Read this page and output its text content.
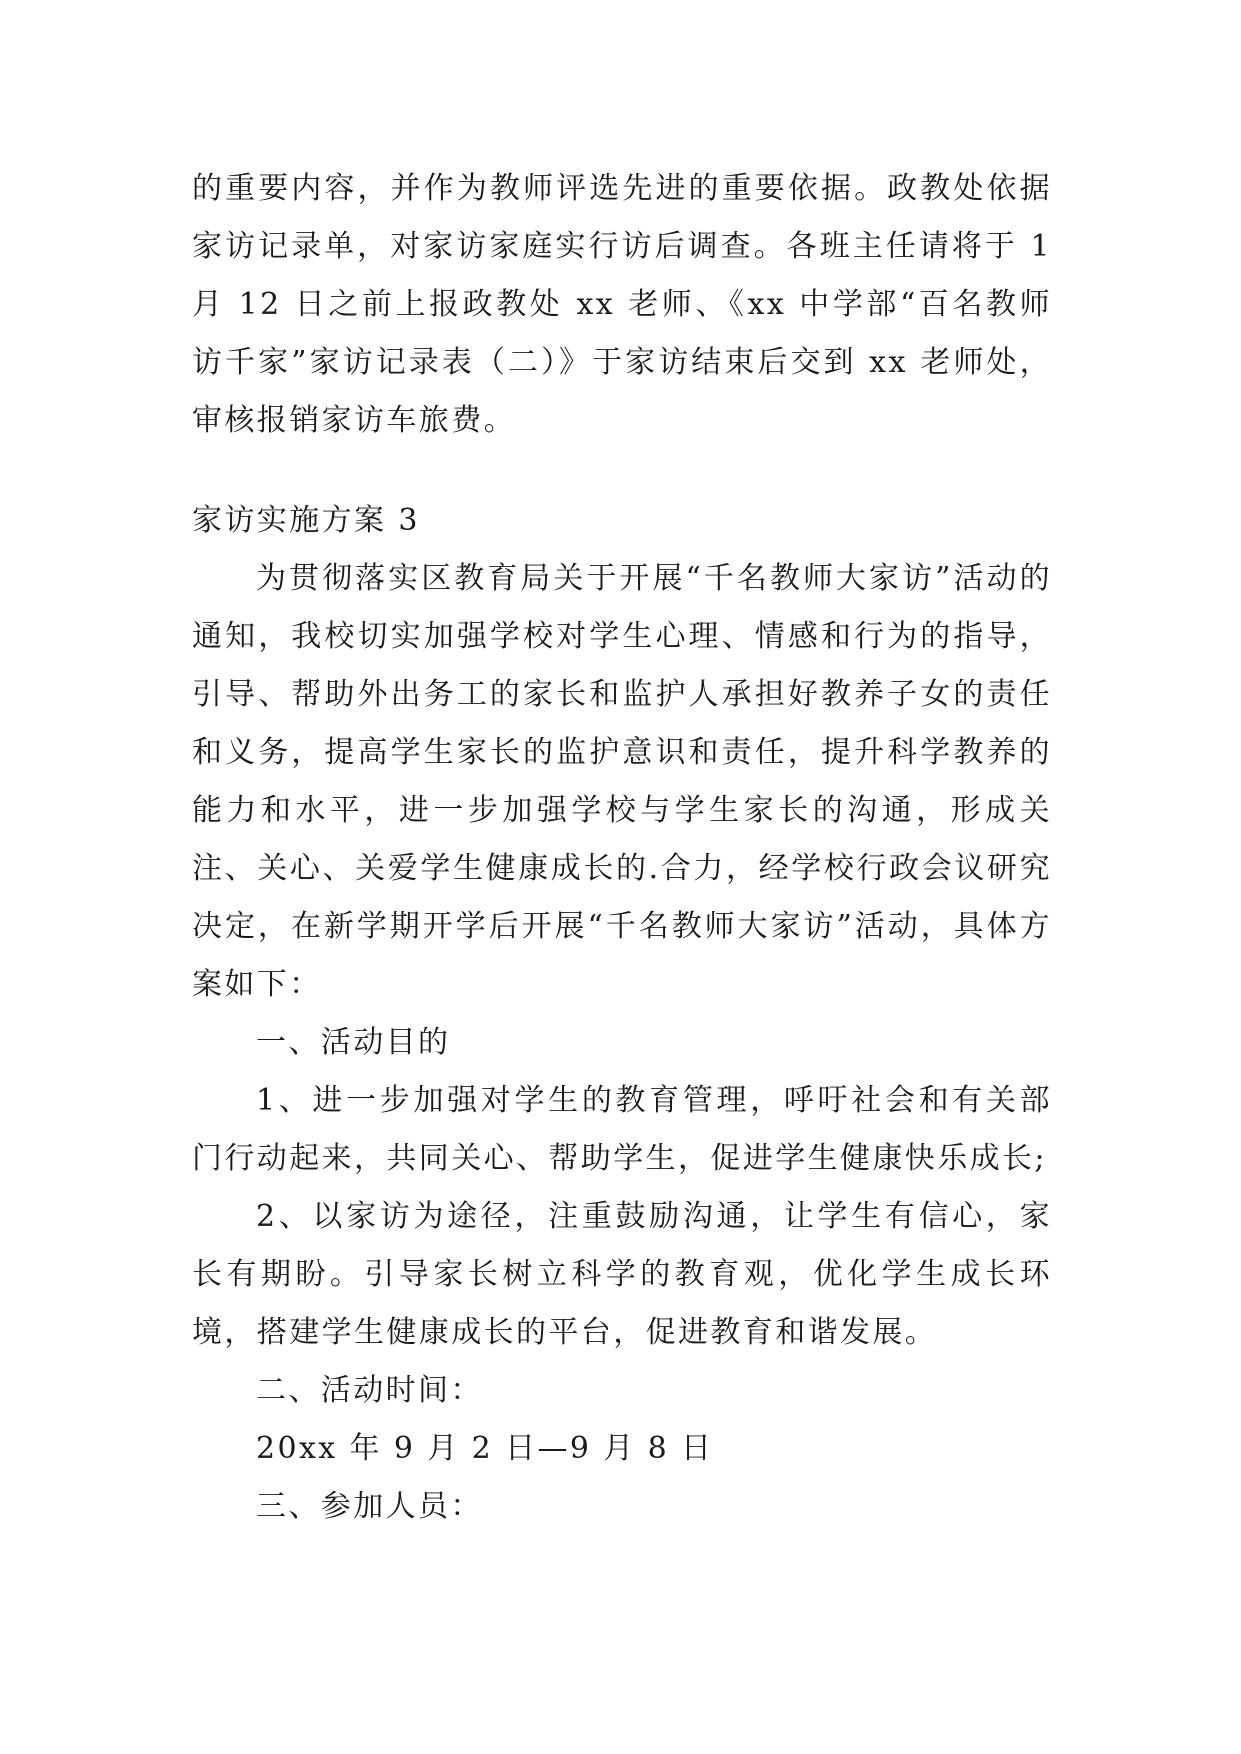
的重要内容，并作为教师评选先进的重要依据。政教处依据家访记录单，对家访家庭实行访后调查。各班主任请将于 1 月 12 日之前上报政教处 xx 老师、《xx 中学部“百名教师访千家”家访记录表（二）》于家访结束后交到 xx 老师处，审核报销家访车旅费。

家访实施方案 3

为贯彻落实区教育局关于开展“千名教师大家访”活动的通知，我校切实加强学校对学生心理、情感和行为的指导，引导、帮助外出务工的家长和监护人承担好教养子女的责任和义务，提高学生家长的监护意识和责任，提升科学教养的能力和水平，进一步加强学校与学生家长的沟通，形成关注、关心、关爱学生健康成长的.合力，经学校行政会议研究决定，在新学期开学后开展“千名教师大家访”活动，具体方案如下：

一、活动目的

1、进一步加强对学生的教育管理，呼吁社会和有关部门行动起来，共同关心、帮助学生，促进学生健康快乐成长;

2、以家访为途径，注重鼓励沟通，让学生有信心，家长有期盼。引导家长树立科学的教育观，优化学生成长环境，搭建学生健康成长的平台，促进教育和谐发展。

二、活动时间：

20xx 年 9 月 2 日—9 月 8 日

三、参加人员：
